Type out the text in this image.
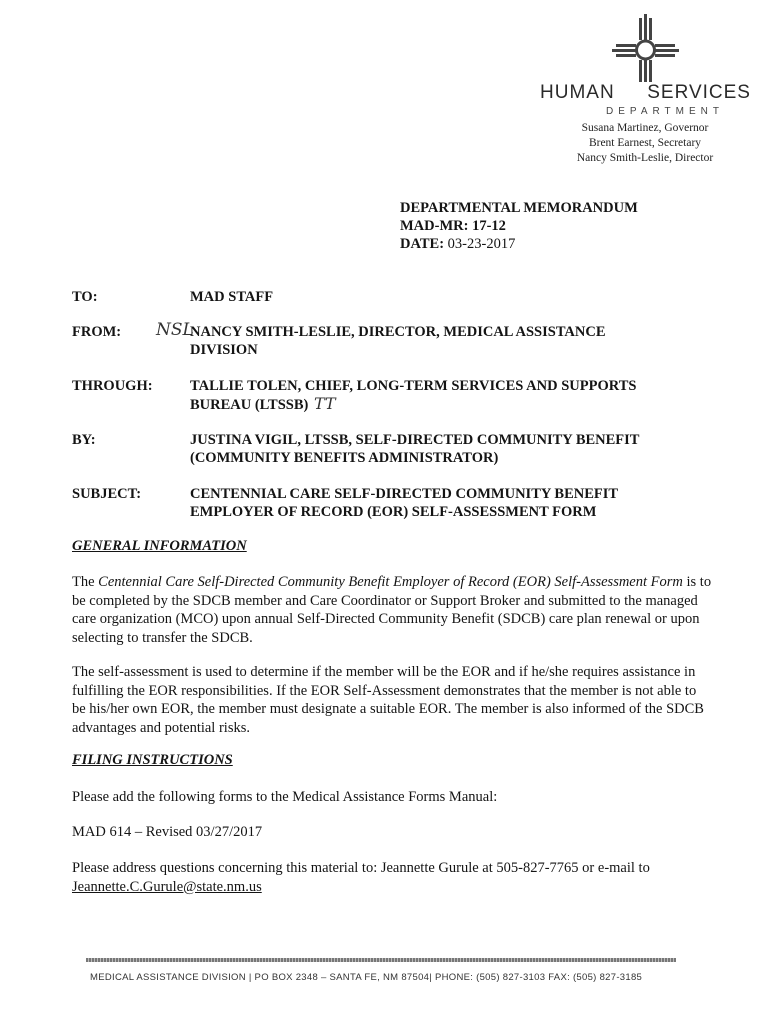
HUMAN SERVICES
DEPARTMENT
Susana Martinez, Governor
Brent Earnest, Secretary
Nancy Smith-Leslie, Director
DEPARTMENTAL MEMORANDUM
MAD-MR: 17-12
DATE: 03-23-2017
TO:	MAD STAFF
FROM:	NSL
NANCY SMITH-LESLIE, DIRECTOR, MEDICAL ASSISTANCE
DIVISION
THROUGH:	TALLIE TOLEN, CHIEF, LONG-TERM SERVICES AND SUPPORTS
BUREAU (LTSSB) TT
BY:	JUSTINA VIGIL, LTSSB, SELF-DIRECTED COMMUNITY BENEFIT
(COMMUNITY BENEFITS ADMINISTRATOR)
SUBJECT:	CENTENNIAL CARE SELF-DIRECTED COMMUNITY BENEFIT
EMPLOYER OF RECORD (EOR) SELF-ASSESSMENT FORM
GENERAL INFORMATION
The Centennial Care Self-Directed Community Benefit Employer of Record (EOR) Self-Assessment Form is to be completed by the SDCB member and Care Coordinator or Support Broker and submitted to the managed care organization (MCO) upon annual Self-Directed Community Benefit (SDCB) care plan renewal or upon selecting to transfer the SDCB.
The self-assessment is used to determine if the member will be the EOR and if he/she requires assistance in fulfilling the EOR responsibilities. If the EOR Self-Assessment demonstrates that the member is not able to be his/her own EOR, the member must designate a suitable EOR. The member is also informed of the SDCB advantages and potential risks.
FILING INSTRUCTIONS
Please add the following forms to the Medical Assistance Forms Manual:
MAD 614 – Revised 03/27/2017
Please address questions concerning this material to: Jeannette Gurule at 505-827-7765 or e-mail to
Jeannette.C.Gurule@state.nm.us
MEDICAL ASSISTANCE DIVISION | PO BOX 2348 – SANTA FE, NM 87504| PHONE: (505) 827-3103 FAX: (505) 827-3185
